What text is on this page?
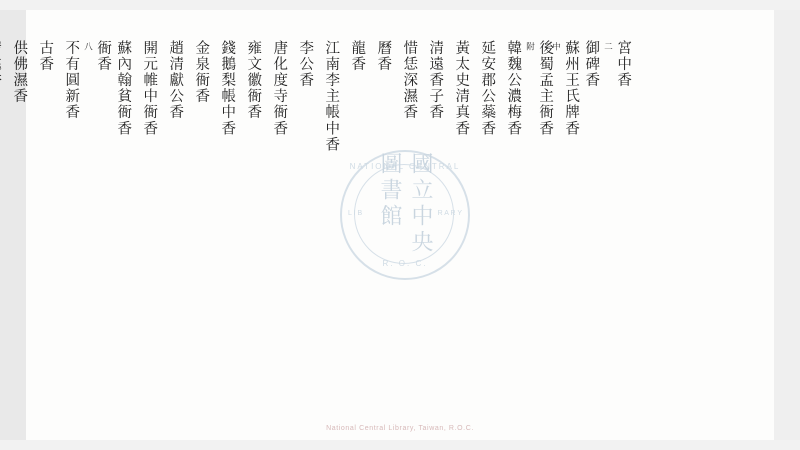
宮中香
二
御碑香
蘇州王氏牌香
中
後蜀孟主衙香
附
韓魏公濃梅香
延安郡公蘂香
黃太史清真香
清遠香子香
惜恁深濕香
曆香
龍香
江南李主帳中香
李公香
唐化度寺衙香
雍文徽衙香
錢鵝梨帳中香
金泉衙香
趙清獻公香
開元帷中衙香
蘇內翰貧衙香
衙香
八
不有圓新香
古香
供佛濕香
NATIONAL CENTRAL
L I B	R A R Y
R. O. C.
國立中央圖書館
National Central Library, Taiwan, R.O.C.
